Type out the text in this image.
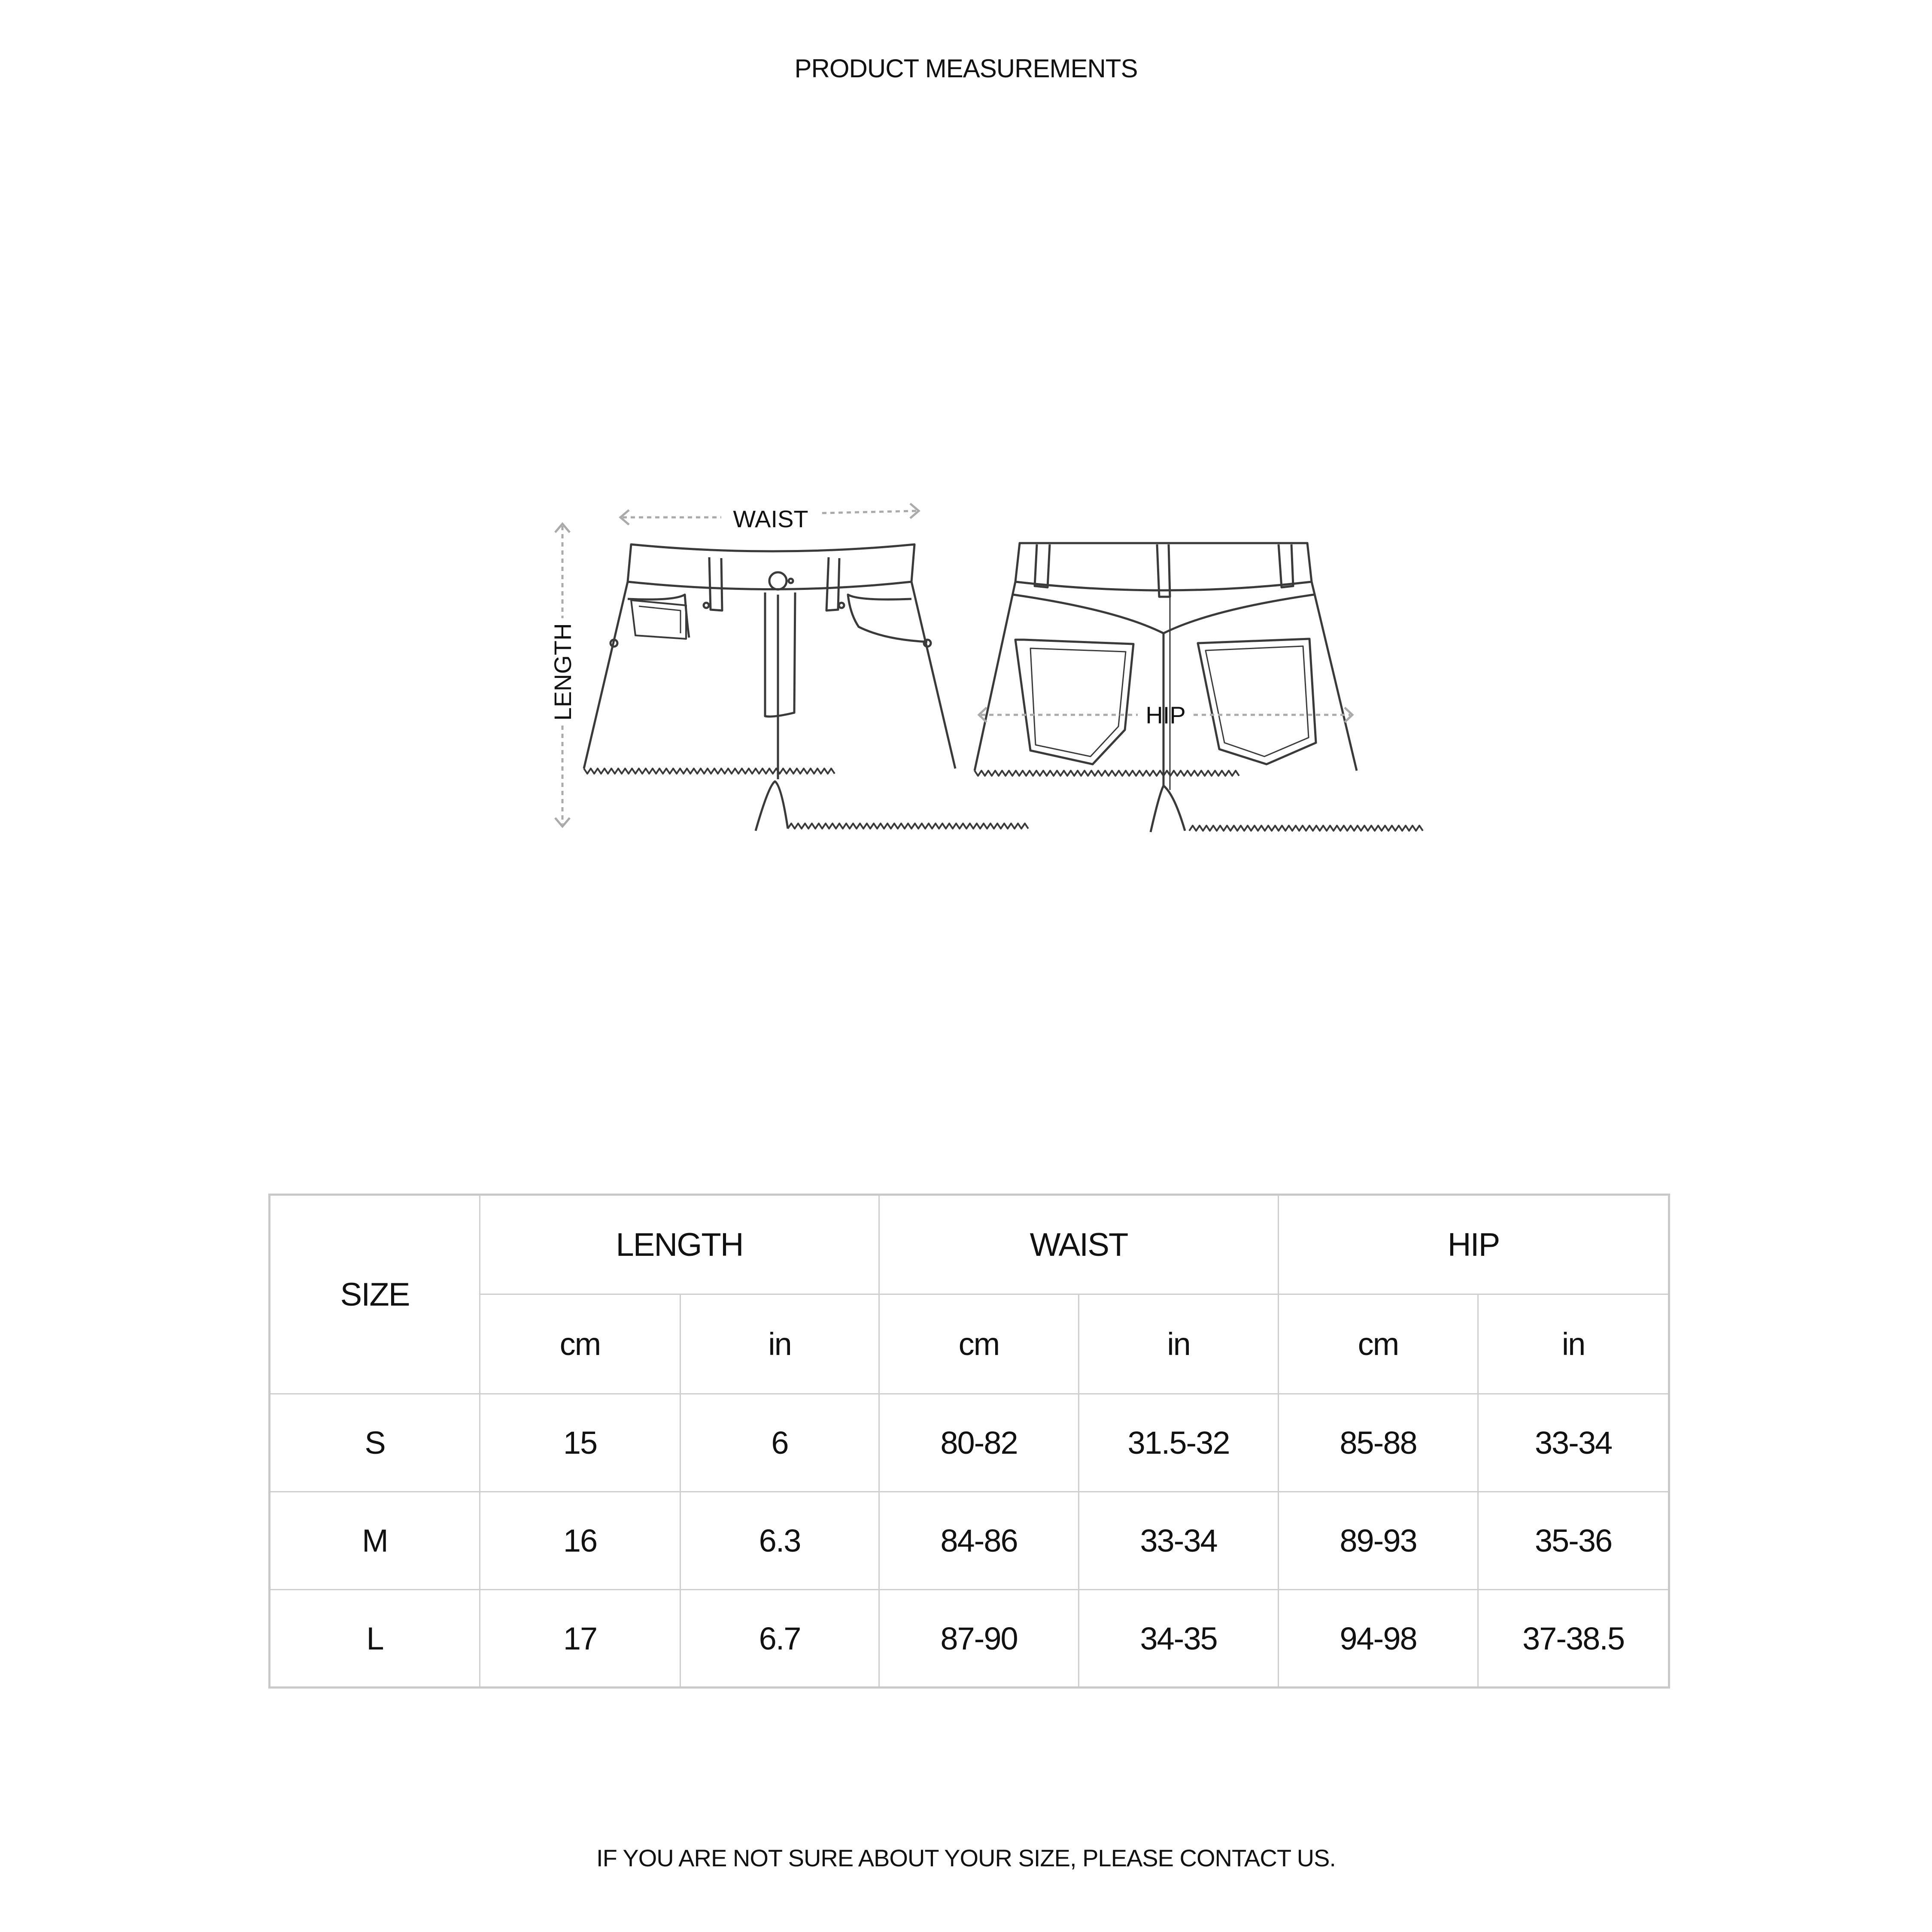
PRODUCT MEASUREMENTS
WAIST
LENGTH	HIP
SIZE	LENGTH		WAIST		HIP	
	cm	in	cm	in	cm	in
S	15	6	80-82	31.5-32	85-88	33-34
M	16	6.3	84-86	33-34	89-93	35-36
L	17	6.7	87-90	34-35	94-98	37-38.5
IF YOU ARE NOT SURE ABOUT YOUR SIZE, PLEASE CONTACT US.
